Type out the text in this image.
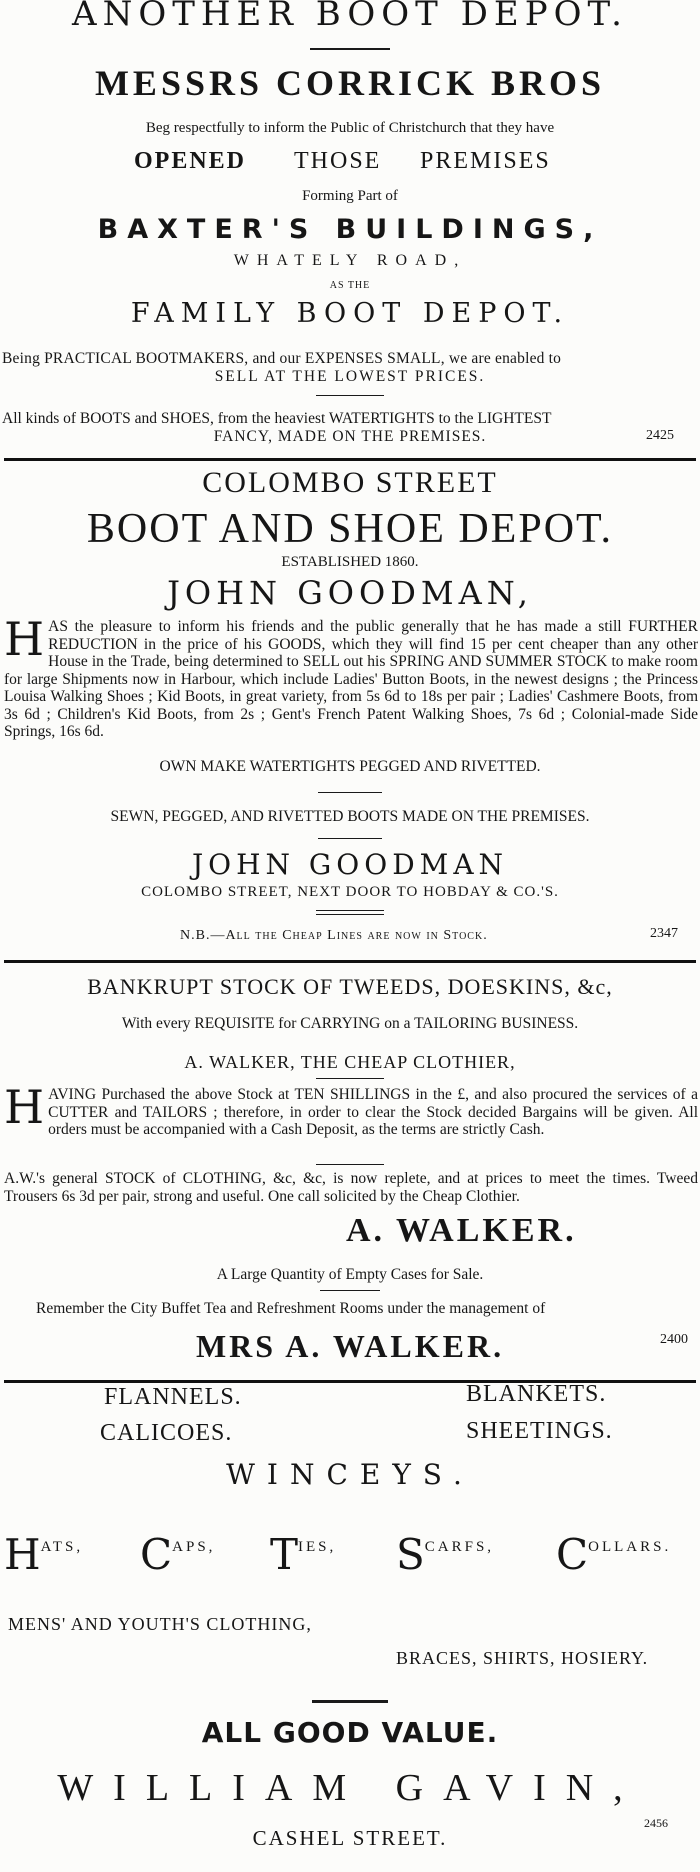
ANOTHER BOOT DEPOT.
MESSRS CORRICK BROS
Beg respectfully to inform the Public of Christchurch that they have
OPENED THOSE PREMISES
Forming Part of
BAXTER'S BUILDINGS,
WHATELY ROAD,
AS THE
FAMILY BOOT DEPOT.
Being PRACTICAL BOOTMAKERS, and our EXPENSES SMALL, we are enabled to
SELL AT THE LOWEST PRICES.
All kinds of BOOTS and SHOES, from the heaviest WATERTIGHTS to the LIGHTEST
FANCY, MADE ON THE PREMISES.	2425
COLOMBO STREET
BOOT AND SHOE DEPOT.
ESTABLISHED 1860.
JOHN GOODMAN,
HAS the pleasure to inform his friends and the public generally that he has made a still FURTHER REDUCTION in the price of his GOODS, which they will find 15 per cent cheaper than any other House in the Trade, being determined to SELL out his SPRING AND SUMMER STOCK to make room for large Shipments now in Harbour, which include Ladies' Button Boots, in the newest designs ; the Princess Louisa Walking Shoes ; Kid Boots, in great variety, from 5s 6d to 18s per pair ; Ladies' Cashmere Boots, from 3s 6d ; Children's Kid Boots, from 2s ; Gent's French Patent Walking Shoes, 7s 6d ; Colonial-made Side Springs, 16s 6d.
OWN MAKE WATERTIGHTS PEGGED AND RIVETTED.
SEWN, PEGGED, AND RIVETTED BOOTS MADE ON THE PREMISES.
JOHN GOODMAN
COLOMBO STREET, NEXT DOOR TO HOBDAY & CO.'S.
N.B.—All the Cheap Lines are now in Stock.	2347
BANKRUPT STOCK OF TWEEDS, DOESKINS, &c,
With every REQUISITE for CARRYING on a TAILORING BUSINESS.
A. WALKER, THE CHEAP CLOTHIER,
HAVING Purchased the above Stock at TEN SHILLINGS in the £, and also procured the services of a CUTTER and TAILORS ; therefore, in order to clear the Stock decided Bargains will be given. All orders must be accompanied with a Cash Deposit, as the terms are strictly Cash.
A.W.'s general STOCK of CLOTHING, &c, &c, is now replete, and at prices to meet the times. Tweed Trousers 6s 3d per pair, strong and useful. One call solicited by the Cheap Clothier.
A. WALKER.
A Large Quantity of Empty Cases for Sale.
Remember the City Buffet Tea and Refreshment Rooms under the management of
MRS A. WALKER.	2400
FLANNELS.	BLANKETS.
CALICOES.	SHEETINGS.
WINCEYS.
HATS, CAPS, TIES, SCARFS, COLLARS.
MENS' AND YOUTH'S CLOTHING,
BRACES, SHIRTS, HOSIERY.
ALL GOOD VALUE.
WILLIAM GAVIN,
2456
CASHEL STREET.
